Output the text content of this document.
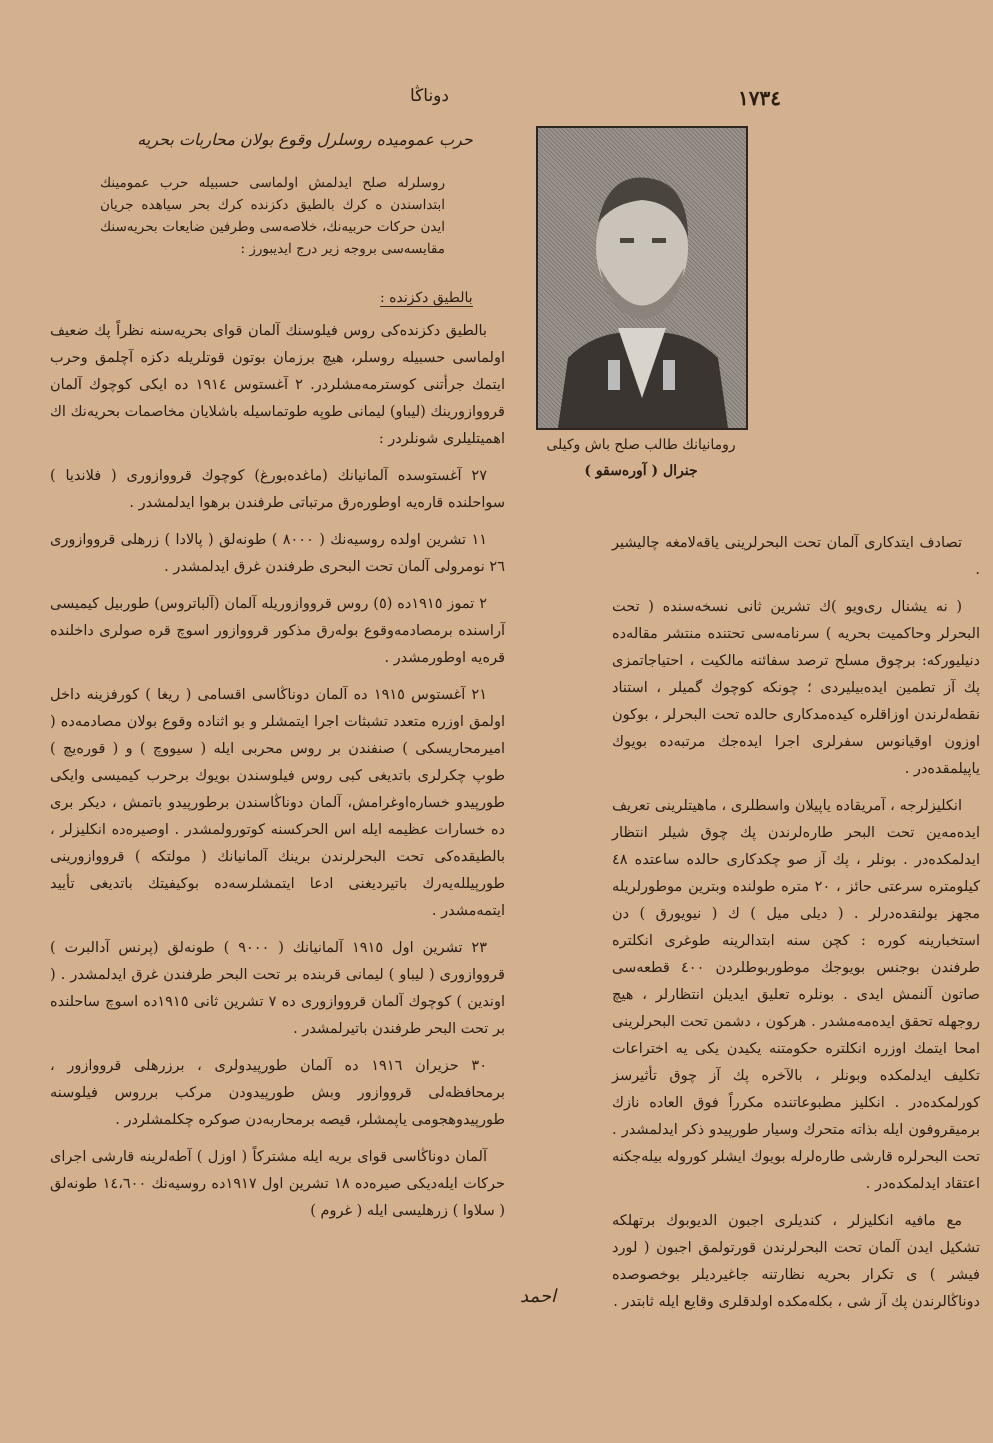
١٧٣٤
دوناڭا
حرب عمومیده روسلرل وقوع بولان محاربات بحریه
روسلرله صلح ایدلمش اولماسی حسبیله حرب عمومینك ابتداسندن ﻩ كرك بالطیق دكزنده كرك بحر سیاهده جریان ایدن حركات حربیه‌نك، خلاصه‌سی وطرفین ضایعات بحریه‌سنك مقایسه‌سی بروجه زیر درج ایدیبورز :
بالطیق دكزنده :

بالطیق دكزنده‌كی روس فیلوسنك آلمان قوای بحریه‌سنه نظراً پك ضعیف اولماسی حسبیله روسلر، هیچ برزمان بوتون قوتلریله دكزه آچلمق وحرب ایتمك جرأتنی كوسترمه‌مشلردر. ٢ آغستوس ١٩١٤ ده ایكی كوچوك آلمان قرووازورینك (لیباو) لیمانی طوپه طوتماسیله باشلایان مخاصمات بحریه‌نك اك اهمیتلیلری شونلردر :

٢٧ آغستوسده آلمانیانك (ماغده‌بورغ) كوچوك قرووازوری ( فلاندیا ) سواحلنده قاره‌یه اوطوره‌رق مرتباتی طرفندن برهوا ایدلمشدر .

١١ تشرین اولده روسیه‌نك ( ٨٠٠٠ ) طونه‌لق ( پالادا ) زرهلی قرووازوری ٢٦ نومرولی آلمان تحت البحری طرفندن غرق ایدلمشدر .

٢ تموز ١٩١٥ده (٥) روس قرووازوریله آلمان (آلباتروس) طوربیل كیمیسی آراسنده برمصادمه‌وقوع بوله‌رق مذكور قرووازور اسوچ قره صولری داخلنده قره‌یه اوطورمشدر .

٢١ آغستوس ١٩١٥ ده آلمان دوناڭاسی اقسامی ( ریغا ) كورفزینه داخل اولمق اوزره متعدد تشبثات اجرا ایتمشلر و بو اثناده وقوع بولان مصادمه‌ده ( امیرمحاریسكی ) صنفندن بر روس محربی ایله ( سیووچ ) و ( قوره‌یچ ) طوپ چكرلری باتدیغی كبی روس فیلوسندن بویوك برحرب كیمیسی وایكی طورپیدو خساره‌اوغرامش، آلمان دوناڭاسندن برطورپیدو باتمش ، دیكر بری ده خسارات عظیمه ایله اس الحركسنه كوتورولمشدر . اوصیره‌ده انكلیزلر ، بالطیقده‌كی تحت البحرلرندن برینك آلمانیانك ( مولتكه ) قرووازورینی طورپیلله‌یه‌رك باتیردیغنی ادعا ایتمشلرسه‌ده بوكیفیتك باتدیغی تأیید ایتمه‌مشدر .

٢٣ تشرین اول ١٩١٥ آلمانیانك ( ٩٠٠٠ ) طونه‌لق (پرنس آدالبرت ) قرووازوری ( لیباو ) لیمانی قربنده بر تحت البحر طرفندن غرق ایدلمشدر . ( اوندین ) كوچوك آلمان قرووازوری ده ٧ تشرین ثانی ١٩١٥ده اسوچ ساحلنده بر تحت البحر طرفندن باتیرلمشدر .

٣٠ حزیران ١٩١٦ ده آلمان طورپیدولری ، برزرهلی قرووازور ، برمحافظه‌لی قرووازور وبش طورپیدودن مركب برروس فیلوسنه طورپیدوهجومی یاپمشلر، قیصه برمحاربه‌دن صوكره چكلمشلردر .

آلمان دوناڭاسی قوای بریه ایله مشتركاً ( اوزل ) آطه‌لرینه قارشی اجرای حركات ایله‌دیكی صیره‌ده ١٨ تشرین اول ١٩١٧ده روسیه‌نك ١٤،٦٠٠ طونه‌لق ( سلاوا ) زرهلیسی ایله ( غروم )

رومانیانك طالب صلح باش وكیلی
جنرال ( آوره‌سقو )

تصادف ایتدكاری آلمان تحت البحرلرینی یاقه‌لامغه چالیشیر .

( نه یشنال ری‌ویو )ك تشرین ثانی نسخه‌سنده ( تحت البحرلر وحاكمیت بحریه ) سرنامه‌سی تحتنده منتشر مقاله‌ده دنیلیوركه: برچوق مسلح ترصد سفائنه مالكیت ، احتیاجاتمزی پك آز تطمین ایده‌بیلیردی ؛ چونكه كوچوك گمیلر ، استناد نقطه‌لرندن اوزاقلره كیده‌مدكاری حالده تحت البحرلر ، بوكون اوزون اوقیانوس سفرلری اجرا ایده‌جك مرتبه‌ده بویوك یاپیلمقده‌در .

انكلیزلرجه ، آمریقاده یاپیلان واسطلری ، ماهیتلرینی تعریف ایده‌مه‌ین تحت البحر طاره‌لرندن پك چوق شیلر انتظار ایدلمكده‌در . بونلر ، پك آز صو چكدكاری حالده ساعتده ٤٨ كیلومتره سرعتی حائز ، ٢٠ متره طولنده وبترین موطورلریله مجهز بولنقده‌درلر . ( دیلی میل ) ك ( نیویورق ) دن استخبارینه كوره : كچن سنه ابتدالرینه طوغری انكلتره طرفندن بوجنس بویوجك موطوربوطلردن ٤٠٠ قطعه‌سی صاتون آلنمش ایدی . بونلره تعلیق ایدیلن انتظارلر ، هیچ روجهله تحقق ایده‌مه‌مشدر . هركون ، دشمن تحت البحرلرینی امحا ایتمك اوزره انكلتره حكومتنه یكیدن یكی یه اختراعات تكلیف ایدلمكده وبونلر ، بالآخره پك آز چوق تأثیرسز كورلمكده‌در . انكلیز مطبوعاتنده مكرراً فوق العاده نازك برمیقروفون ایله بذاته متحرك وسیار طورپیدو ذكر ایدلمشدر . تحت البحرلره قارشی طاره‌لرله بویوك ایشلر كوروله بیله‌جكنه اعتقاد ایدلمكده‌در .

مع مافیه انكلیزلر ، كندیلری اجبون الدیوبوك برتهلكه تشكیل ایدن آلمان تحت البحرلرندن قورتولمق اجبون ( لورد فیشر ) ی تكرار بحریه نظارتنه جاغیردیلر بوخصوصده دوناڭالرندن پك آز شی ، بكله‌مكده اولدقلری وقایع ایله ثابتدر .

احمد
